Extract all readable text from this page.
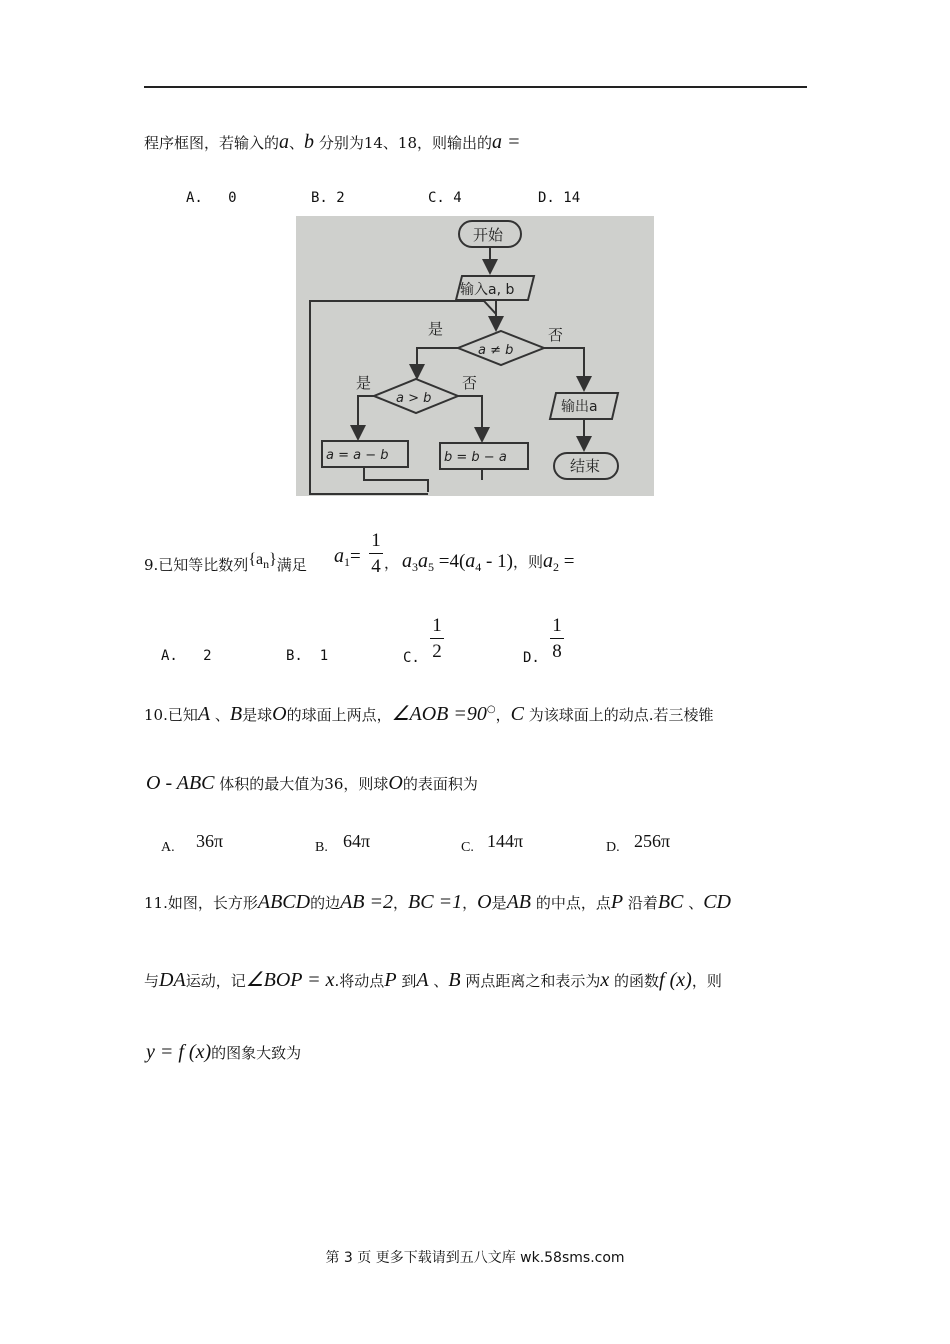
程序框图，若输入的a、b 分别为14、18，则输出的a =
A. 0	B. 2	C. 4	D. 14
开始
输入a, b
a ≠ b
是	否
a > b
是	否
a = a − b	b = b − a
输出a
结束
9.已知等比数列$\{a_n\}$满足 $a_1=$
1
4 ， $a_3a_5 =4(a_4 - 1)$，则$a_2$ =
A. 2	B. 1	C.
1
2	D.
1
8
10.已知A 、B是球O的球面上两点，∠AOB =90○，C 为该球面上的动点.若三棱锥
O - ABC 体积的最大值为36，则球O的表面积为
A. 36π	B. 64π	C. 144π	D. 256π
11.如图，长方形ABCD的边AB =2，BC =1，O是AB 的中点，点P 沿着BC 、CD
与DA运动，记∠BOP = x.将动点P 到A 、B 两点距离之和表示为x 的函数f (x)，则
y = f (x)的图象大致为
第 3 页 更多下载请到五八文库 wk.58sms.com
